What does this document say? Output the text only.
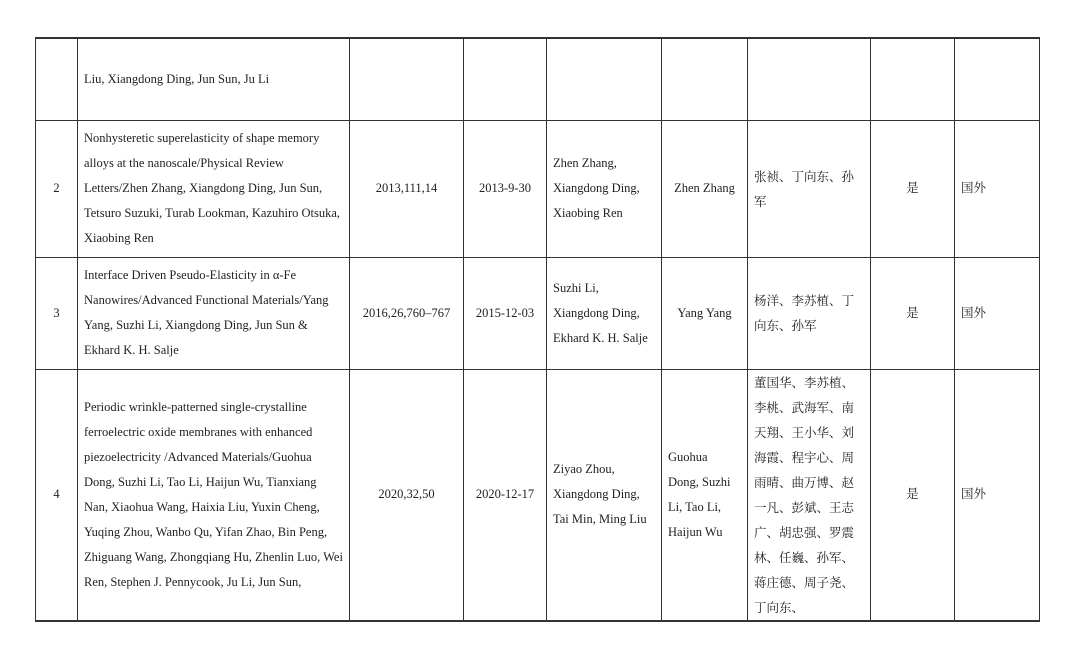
	Liu, Xiangdong Ding, Jun Sun, Ju Li							

2	Nonhysteretic superelasticity of shape memory alloys at the nanoscale/Physical Review Letters/Zhen Zhang, Xiangdong Ding, Jun Sun, Tetsuro Suzuki, Turab Lookman, Kazuhiro Otsuka, Xiaobing Ren	2013,111,14	2013-9-30	Zhen Zhang, Xiangdong Ding, Xiaobing Ren	Zhen Zhang	张祯、丁向东、孙军	是	国外
3	Interface Driven Pseudo-Elasticity in α-Fe Nanowires/Advanced Functional Materials/Yang Yang, Suzhi Li, Xiangdong Ding, Jun Sun & Ekhard K. H. Salje	2016,26,760–767	2015-12-03	Suzhi Li, Xiangdong Ding, Ekhard K. H. Salje	Yang Yang	杨洋、李苏植、丁向东、孙军	是	国外
4	Periodic wrinkle-patterned single-crystalline ferroelectric oxide membranes with enhanced piezoelectricity /Advanced Materials/Guohua Dong, Suzhi Li, Tao Li, Haijun Wu, Tianxiang Nan, Xiaohua Wang, Haixia Liu, Yuxin Cheng, Yuqing Zhou, Wanbo Qu, Yifan Zhao, Bin Peng, Zhiguang Wang, Zhongqiang Hu, Zhenlin Luo, Wei Ren, Stephen J. Pennycook, Ju Li, Jun Sun,	2020,32,50	2020-12-17	Ziyao Zhou, Xiangdong Ding, Tai Min, Ming Liu	Guohua Dong, Suzhi Li, Tao Li, Haijun Wu	董国华、李苏植、李桃、武海军、南天翔、王小华、刘海霞、程宇心、周雨晴、曲万博、赵一凡、彭斌、王志广、胡忠强、罗震林、任巍、孙军、蒋庄德、周子尧、丁向东、	是	国外
